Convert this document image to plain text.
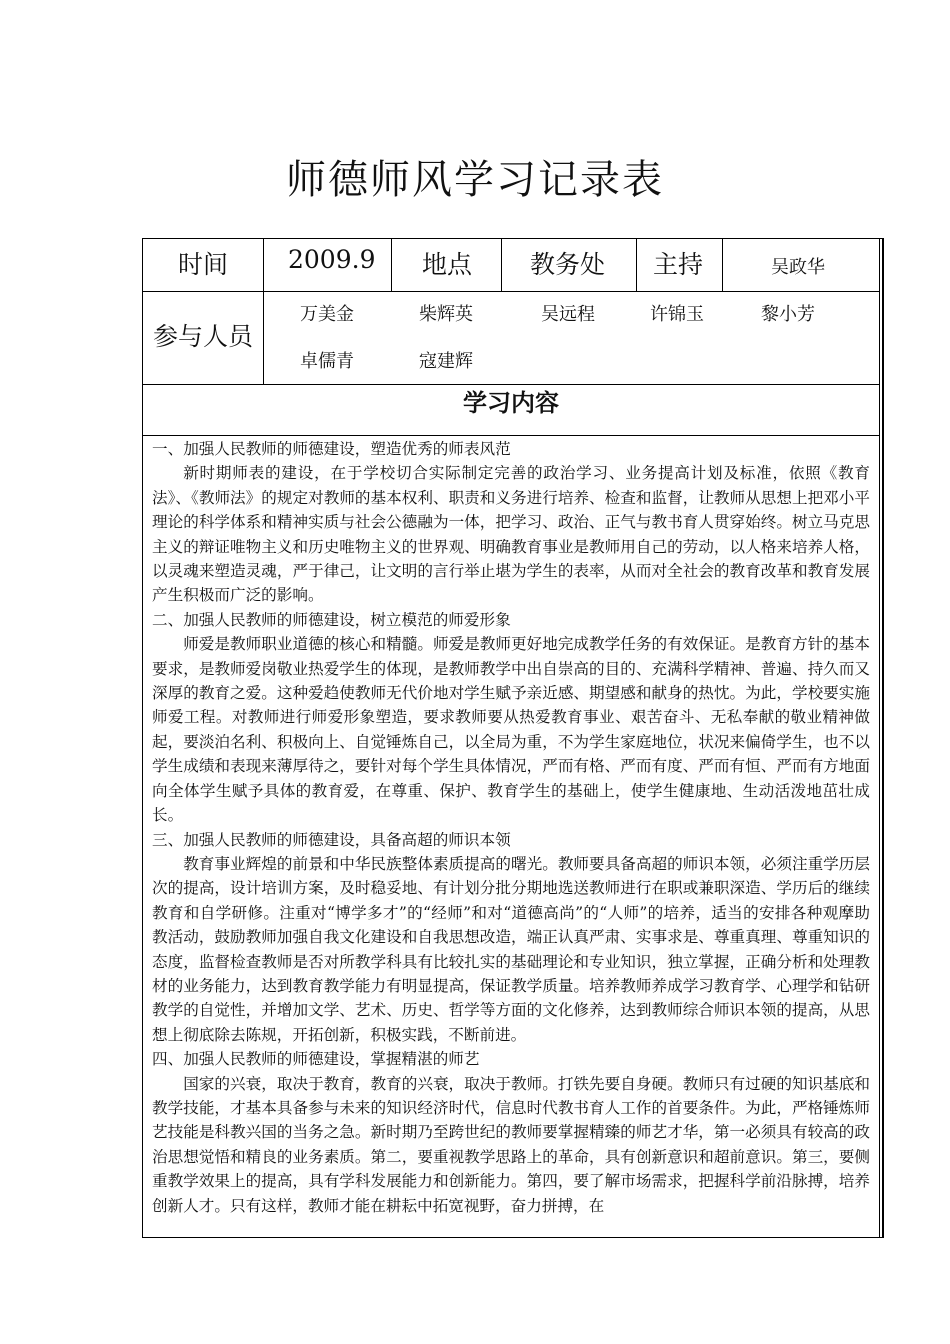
师德师风学习记录表
时间	2009.9	地点	教务处	主持	吴政华
参与人员
万美金	柴辉英	吴远程	许锦玉	黎小芳
卓儒青	寇建辉
学习内容

一、加强人民教师的师德建设，塑造优秀的师表风范

新时期师表的建设，在于学校切合实际制定完善的政治学习、业务提高计划及标准，依照《教育法》、《教师法》的规定对教师的基本权利、职责和义务进行培养、检查和监督，让教师从思想上把邓小平理论的科学体系和精神实质与社会公德融为一体，把学习、政治、正气与教书育人贯穿始终。树立马克思主义的辩证唯物主义和历史唯物主义的世界观、明确教育事业是教师用自己的劳动，以人格来培养人格，以灵魂来塑造灵魂，严于律己，让文明的言行举止堪为学生的表率，从而对全社会的教育改革和教育发展产生积极而广泛的影响。

二、加强人民教师的师德建设，树立模范的师爱形象

师爱是教师职业道德的核心和精髓。师爱是教师更好地完成教学任务的有效保证。是教育方针的基本要求，是教师爱岗敬业热爱学生的体现，是教师教学中出自崇高的目的、充满科学精神、普遍、持久而又深厚的教育之爱。这种爱趋使教师无代价地对学生赋予亲近感、期望感和献身的热忱。为此，学校要实施师爱工程。对教师进行师爱形象塑造，要求教师要从热爱教育事业、艰苦奋斗、无私奉献的敬业精神做起，要淡泊名利、积极向上、自觉锤炼自己，以全局为重，不为学生家庭地位，状况来偏倚学生，也不以学生成绩和表现来薄厚待之，要针对每个学生具体情况，严而有格、严而有度、严而有恒、严而有方地面向全体学生赋予具体的教育爱，在尊重、保护、教育学生的基础上，使学生健康地、生动活泼地茁壮成长。

三、加强人民教师的师德建设，具备高超的师识本领

教育事业辉煌的前景和中华民族整体素质提高的曙光。教师要具备高超的师识本领，必须注重学历层次的提高，设计培训方案，及时稳妥地、有计划分批分期地选送教师进行在职或兼职深造、学历后的继续教育和自学研修。注重对“博学多才”的“经师”和对“道德高尚”的“人师”的培养，适当的安排各种观摩助教活动，鼓励教师加强自我文化建设和自我思想改造，端正认真严肃、实事求是、尊重真理、尊重知识的态度，监督检查教师是否对所教学科具有比较扎实的基础理论和专业知识，独立掌握，正确分析和处理教材的业务能力，达到教育教学能力有明显提高，保证教学质量。培养教师养成学习教育学、心理学和钻研教学的自觉性，并增加文学、艺术、历史、哲学等方面的文化修养，达到教师综合师识本领的提高，从思想上彻底除去陈规，开拓创新，积极实践，不断前进。

四、加强人民教师的师德建设，掌握精湛的师艺

国家的兴衰，取决于教育，教育的兴衰，取决于教师。打铁先要自身硬。教师只有过硬的知识基底和教学技能，才基本具备参与未来的知识经济时代，信息时代教书育人工作的首要条件。为此，严格锤炼师艺技能是科教兴国的当务之急。新时期乃至跨世纪的教师要掌握精臻的师艺才华，第一必须具有较高的政治思想觉悟和精良的业务素质。第二，要重视教学思路上的革命，具有创新意识和超前意识。第三，要侧重教学效果上的提高，具有学科发展能力和创新能力。第四，要了解市场需求，把握科学前沿脉搏，培养创新人才。只有这样，教师才能在耕耘中拓宽视野，奋力拼搏，在
